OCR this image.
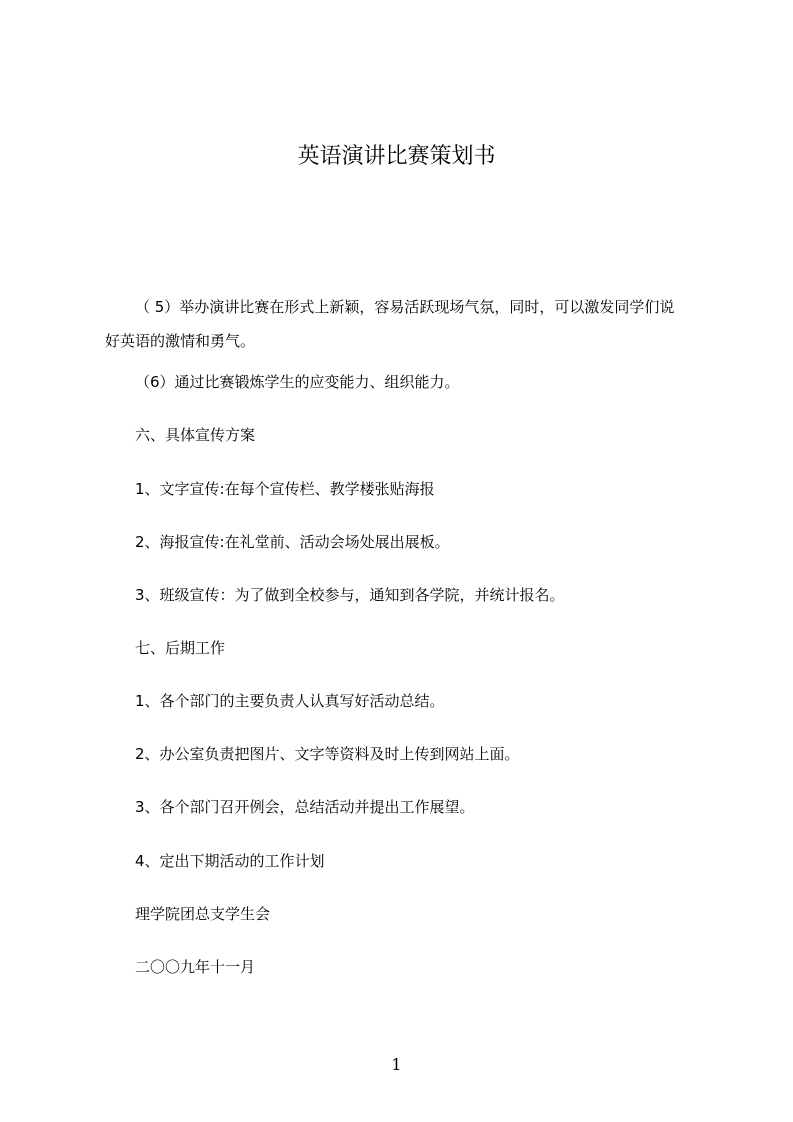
英语演讲比赛策划书
（ 5）举办演讲比赛在形式上新颖，容易活跃现场气氛，同时，可以激发同学们说
好英语的激情和勇气。
（6）通过比赛锻炼学生的应变能力、组织能力。
六、具体宣传方案
1、文字宣传:在每个宣传栏、教学楼张贴海报
2、海报宣传:在礼堂前、活动会场处展出展板。
3、班级宣传：为了做到全校参与，通知到各学院，并统计报名。
七、后期工作
1、各个部门的主要负责人认真写好活动总结。
2、办公室负责把图片、文字等资料及时上传到网站上面。
3、各个部门召开例会，总结活动并提出工作展望。
4、定出下期活动的工作计划
理学院团总支学生会
二〇〇九年十一月
1
